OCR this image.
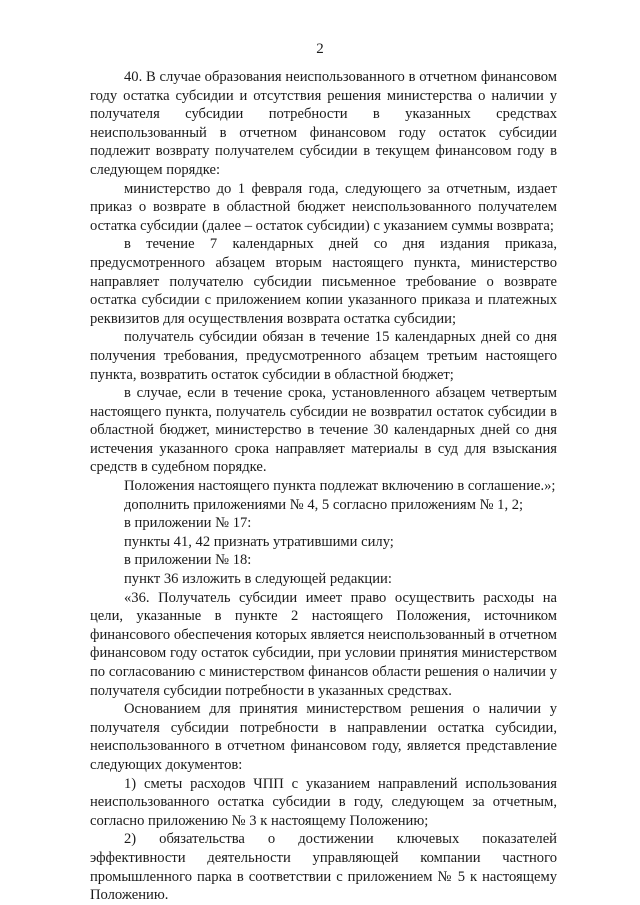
2

40. В случае образования неиспользованного в отчетном финансовом году остатка субсидии и отсутствия решения министерства о наличии у получателя субсидии потребности в указанных средствах неиспользованный в отчетном финансовом году остаток субсидии подлежит возврату получателем субсидии в текущем финансовом году в следующем порядке:

министерство до 1 февраля года, следующего за отчетным, издает приказ о возврате в областной бюджет неиспользованного получателем остатка субсидии (далее – остаток субсидии) с указанием суммы возврата;

в течение 7 календарных дней со дня издания приказа, предусмотренного абзацем вторым настоящего пункта, министерство направляет получателю субсидии письменное требование о возврате остатка субсидии с приложением копии указанного приказа и платежных реквизитов для осуществления возврата остатка субсидии;

получатель субсидии обязан в течение 15 календарных дней со дня получения требования, предусмотренного абзацем третьим настоящего пункта, возвратить остаток субсидии в областной бюджет;

в случае, если в течение срока, установленного абзацем четвертым настоящего пункта, получатель субсидии не возвратил остаток субсидии в областной бюджет, министерство в течение 30 календарных дней со дня истечения указанного срока направляет материалы в суд для взыскания средств в судебном порядке.

Положения настоящего пункта подлежат включению в соглашение.»;

дополнить приложениями № 4, 5 согласно приложениям № 1, 2;

в приложении № 17:

пункты 41, 42 признать утратившими силу;

в приложении № 18:

пункт 36 изложить в следующей редакции:

«36. Получатель субсидии имеет право осуществить расходы на цели, указанные в пункте 2 настоящего Положения, источником финансового обеспечения которых является неиспользованный в отчетном финансовом году остаток субсидии, при условии принятия министерством по согласованию с министерством финансов области решения о наличии у получателя субсидии потребности в указанных средствах.

Основанием для принятия министерством решения о наличии у получателя субсидии потребности в направлении остатка субсидии, неиспользованного в отчетном финансовом году, является представление следующих документов:

1) сметы расходов ЧПП с указанием направлений использования неиспользованного остатка субсидии в году, следующем за отчетным, согласно приложению № 3 к настоящему Положению;

2) обязательства о достижении ключевых показателей эффективности деятельности управляющей компании частного промышленного парка в соответствии с приложением № 5 к настоящему Положению.
